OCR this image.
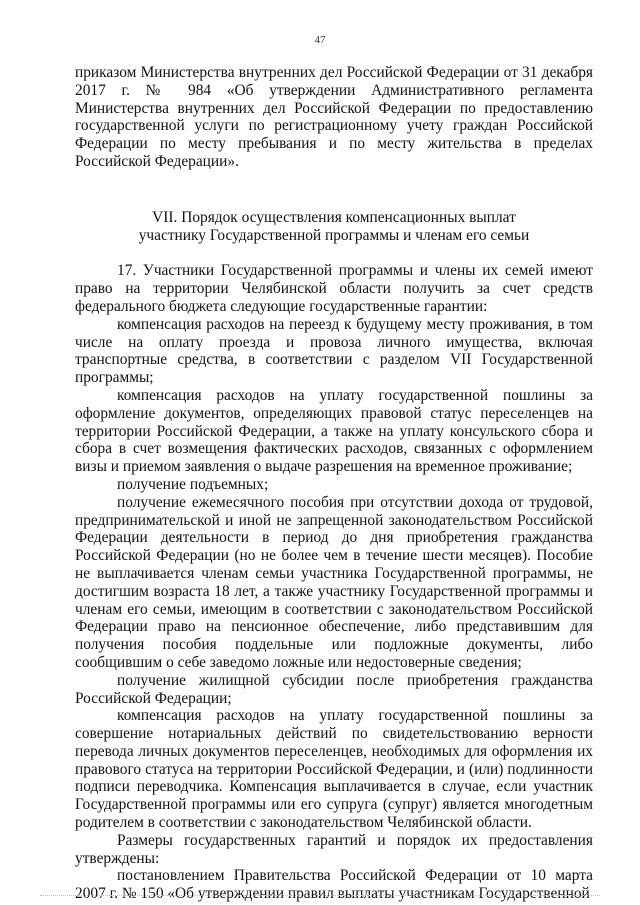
47

приказом Министерства внутренних дел Российской Федерации от 31 декабря 2017 г. № 984 «Об утверждении Административного регламента Министерства внутренних дел Российской Федерации по предоставлению государственной услуги по регистрационному учету граждан Российской Федерации по месту пребывания и по месту жительства в пределах Российской Федерации».

VII. Порядок осуществления компенсационных выплат
участнику Государственной программы и членам его семьи

17. Участники Государственной программы и члены их семей имеют право на территории Челябинской области получить за счет средств федерального бюджета следующие государственные гарантии:

компенсация расходов на переезд к будущему месту проживания, в том числе на оплату проезда и провоза личного имущества, включая транспортные средства, в соответствии с разделом VII Государственной программы;

компенсация расходов на уплату государственной пошлины за оформление документов, определяющих правовой статус переселенцев на территории Российской Федерации, а также на уплату консульского сбора и сбора в счет возмещения фактических расходов, связанных с оформлением визы и приемом заявления о выдаче разрешения на временное проживание;

получение подъемных;

получение ежемесячного пособия при отсутствии дохода от трудовой, предпринимательской и иной не запрещенной законодательством Российской Федерации деятельности в период до дня приобретения гражданства Российской Федерации (но не более чем в течение шести месяцев). Пособие не выплачивается членам семьи участника Государственной программы, не достигшим возраста 18 лет, а также участнику Государственной программы и членам его семьи, имеющим в соответствии с законодательством Российской Федерации право на пенсионное обеспечение, либо представившим для получения пособия поддельные или подложные документы, либо сообщившим о себе заведомо ложные или недостоверные сведения;

получение жилищной субсидии после приобретения гражданства Российской Федерации;

компенсация расходов на уплату государственной пошлины за совершение нотариальных действий по свидетельствованию верности перевода личных документов переселенцев, необходимых для оформления их правового статуса на территории Российской Федерации, и (или) подлинности подписи переводчика. Компенсация выплачивается в случае, если участник Государственной программы или его супруга (супруг) является многодетным родителем в соответствии с законодательством Челябинской области.

Размеры государственных гарантий и порядок их предоставления утверждены:

постановлением Правительства Российской Федерации от 10 марта 2007 г. № 150 «Об утверждении правил выплаты участникам Государственной
